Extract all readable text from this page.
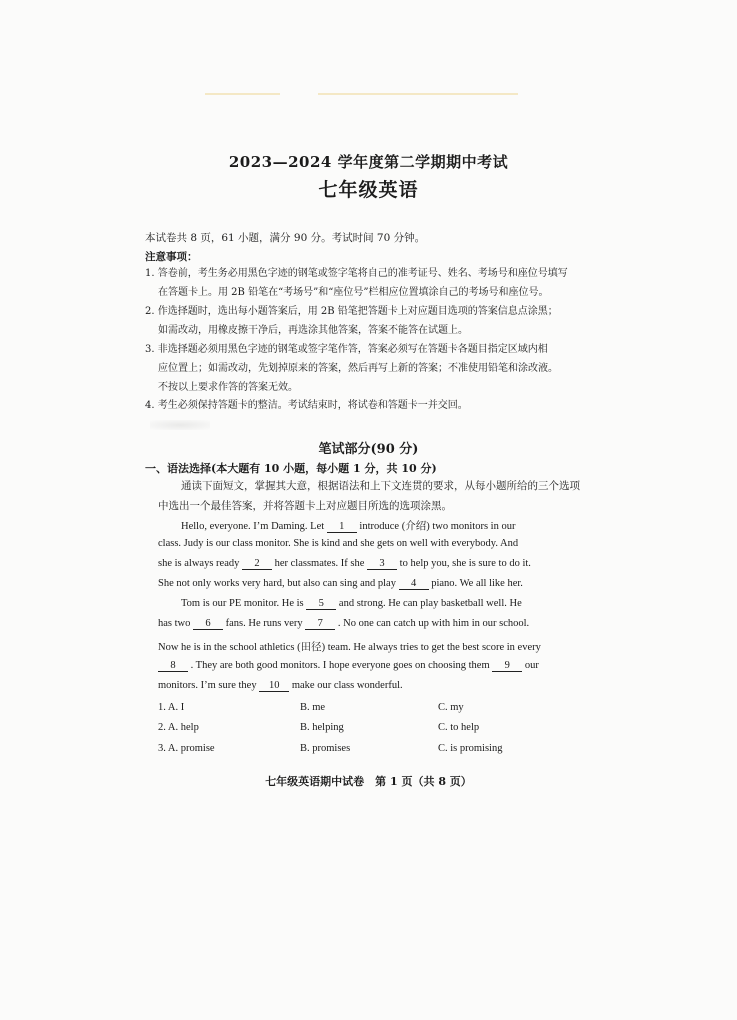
2023—2024 学年度第二学期期中考试
七年级英语
本试卷共 8 页，61 小题，满分 90 分。考试时间 70 分钟。
注意事项：
1. 答卷前，考生务必用黑色字迹的钢笔或签字笔将自己的准考证号、姓名、考场号和座位号填写
在答题卡上。用 2B 铅笔在“考场号”和“座位号”栏相应位置填涂自己的考场号和座位号。
2. 作选择题时，选出每小题答案后，用 2B 铅笔把答题卡上对应题目选项的答案信息点涂黑；
如需改动，用橡皮擦干净后，再选涂其他答案，答案不能答在试题上。
3. 非选择题必须用黑色字迹的钢笔或签字笔作答，答案必须写在答题卡各题目指定区域内相
应位置上；如需改动，先划掉原来的答案，然后再写上新的答案；不准使用铅笔和涂改液。
不按以上要求作答的答案无效。
4. 考生必须保持答题卡的整洁。考试结束时，将试卷和答题卡一并交回。
笔试部分(90 分)
一、语法选择(本大题有 10 小题，每小题 1 分，共 10 分)
通读下面短文，掌握其大意，根据语法和上下文连贯的要求，从每小题所给的三个选项
中选出一个最佳答案，并将答题卡上对应题目所选的选项涂黑。
Hello, everyone. I’m Daming. Let 1 introduce (介绍) two monitors in our
class. Judy is our class monitor. She is kind and she gets on well with everybody. And
she is always ready 2 her classmates. If she 3 to help you, she is sure to do it.
She not only works very hard, but also can sing and play 4 piano. We all like her.
Tom is our PE monitor. He is 5 and strong. He can play basketball well. He
has two 6 fans. He runs very 7 . No one can catch up with him in our school.
Now he is in the school athletics (田径) team. He always tries to get the best score in every
8 . They are both good monitors. I hope everyone goes on choosing them 9 our
monitors. I’m sure they 10 make our class wonderful.
1. A. I	B. me	C. my
2. A. help	B. helping	C. to help
3. A. promise	B. promises	C. is promising
七年级英语期中试卷　第 1 页（共 8 页）
